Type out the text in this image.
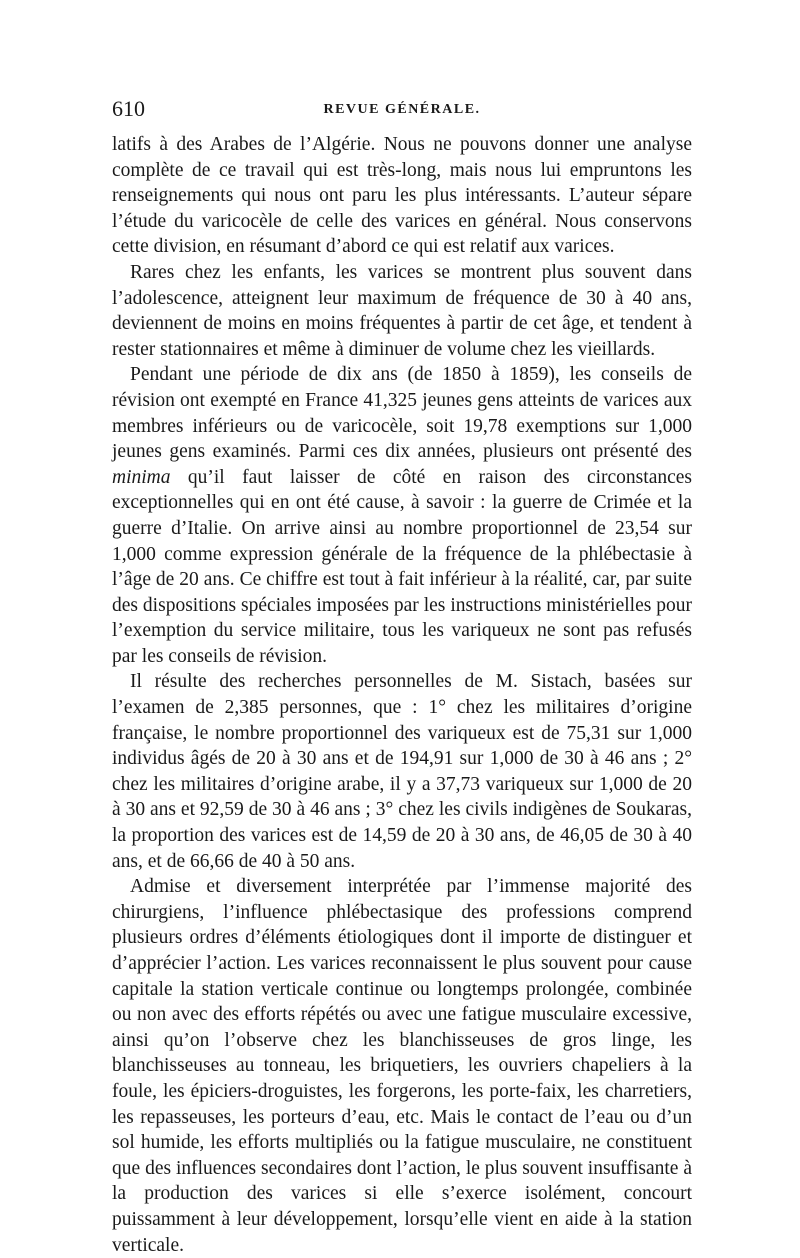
610	REVUE GÉNÉRALE.

latifs à des Arabes de l’Algérie. Nous ne pouvons donner une analyse complète de ce travail qui est très-long, mais nous lui empruntons les renseignements qui nous ont paru les plus intéressants. L’auteur sépare l’étude du varicocèle de celle des varices en général. Nous conservons cette division, en résumant d’abord ce qui est relatif aux varices.

Rares chez les enfants, les varices se montrent plus souvent dans l’adolescence, atteignent leur maximum de fréquence de 30 à 40 ans, deviennent de moins en moins fréquentes à partir de cet âge, et tendent à rester stationnaires et même à diminuer de volume chez les vieillards.

Pendant une période de dix ans (de 1850 à 1859), les conseils de révision ont exempté en France 41,325 jeunes gens atteints de varices aux membres inférieurs ou de varicocèle, soit 19,78 exemptions sur 1,000 jeunes gens examinés. Parmi ces dix années, plusieurs ont présenté des minima qu’il faut laisser de côté en raison des circonstances exceptionnelles qui en ont été cause, à savoir : la guerre de Crimée et la guerre d’Italie. On arrive ainsi au nombre proportionnel de 23,54 sur 1,000 comme expression générale de la fréquence de la phlébectasie à l’âge de 20 ans. Ce chiffre est tout à fait inférieur à la réalité, car, par suite des dispositions spéciales imposées par les instructions ministérielles pour l’exemption du service militaire, tous les variqueux ne sont pas refusés par les conseils de révision.

Il résulte des recherches personnelles de M. Sistach, basées sur l’examen de 2,385 personnes, que : 1° chez les militaires d’origine française, le nombre proportionnel des variqueux est de 75,31 sur 1,000 individus âgés de 20 à 30 ans et de 194,91 sur 1,000 de 30 à 46 ans ; 2° chez les militaires d’origine arabe, il y a 37,73 variqueux sur 1,000 de 20 à 30 ans et 92,59 de 30 à 46 ans ; 3° chez les civils indigènes de Soukaras, la proportion des varices est de 14,59 de 20 à 30 ans, de 46,05 de 30 à 40 ans, et de 66,66 de 40 à 50 ans.

Admise et diversement interprétée par l’immense majorité des chirurgiens, l’influence phlébectasique des professions comprend plusieurs ordres d’éléments étiologiques dont il importe de distinguer et d’apprécier l’action. Les varices reconnaissent le plus souvent pour cause capitale la station verticale continue ou longtemps prolongée, combinée ou non avec des efforts répétés ou avec une fatigue musculaire excessive, ainsi qu’on l’observe chez les blanchisseuses de gros linge, les blanchisseuses au tonneau, les briquetiers, les ouvriers chapeliers à la foule, les épiciers-droguistes, les forgerons, les porte-faix, les charretiers, les repasseuses, les porteurs d’eau, etc. Mais le contact de l’eau ou d’un sol humide, les efforts multipliés ou la fatigue musculaire, ne constituent que des influences secondaires dont l’action, le plus souvent insuffisante à la production des varices si elle s’exerce isolément, concourt puissamment à leur développement, lorsqu’elle vient en aide à la station verticale.
